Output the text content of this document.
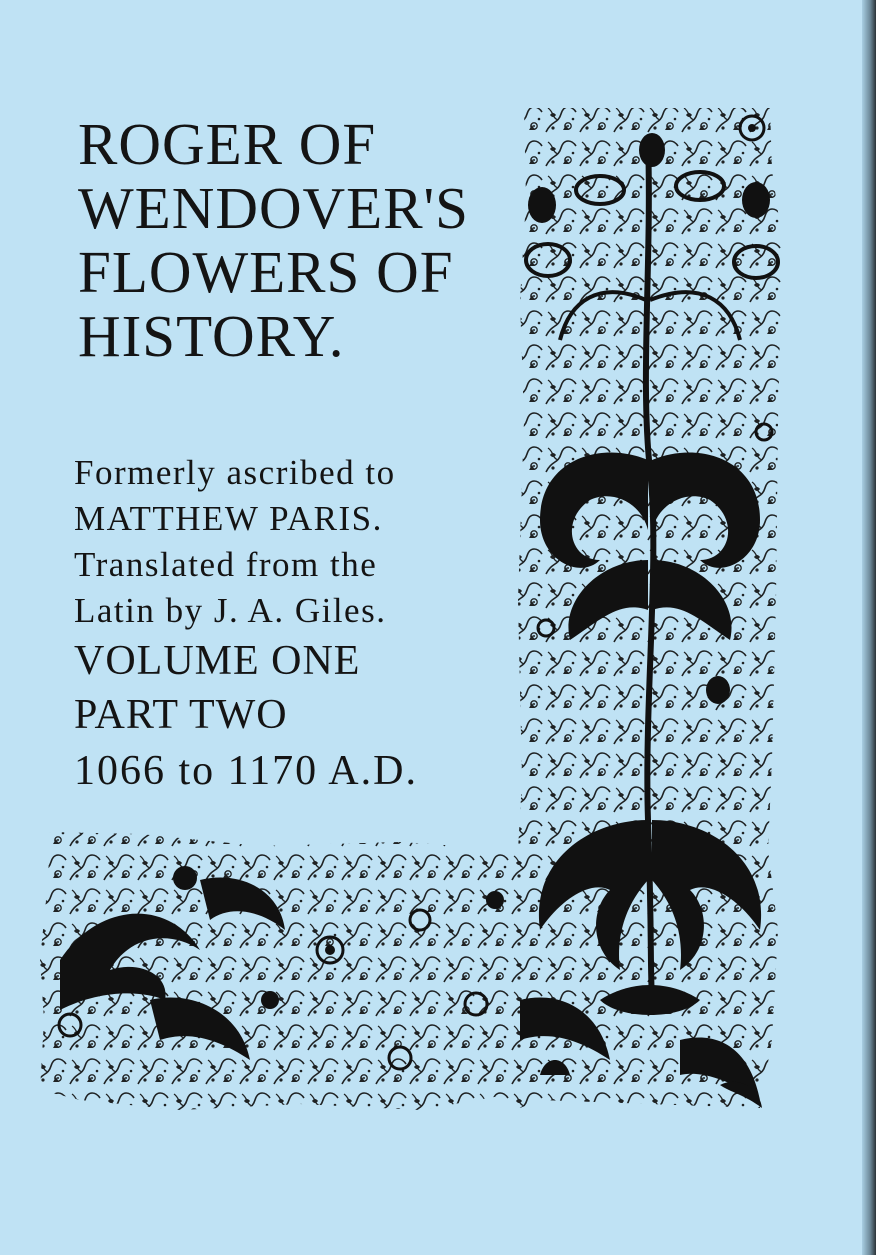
ROGER OF
WENDOVER'S
FLOWERS OF
HISTORY.
Formerly ascribed to
MATTHEW PARIS.
Translated from the
Latin by J. A. Giles.
VOLUME ONE
PART TWO
1066 to 1170 A.D.
